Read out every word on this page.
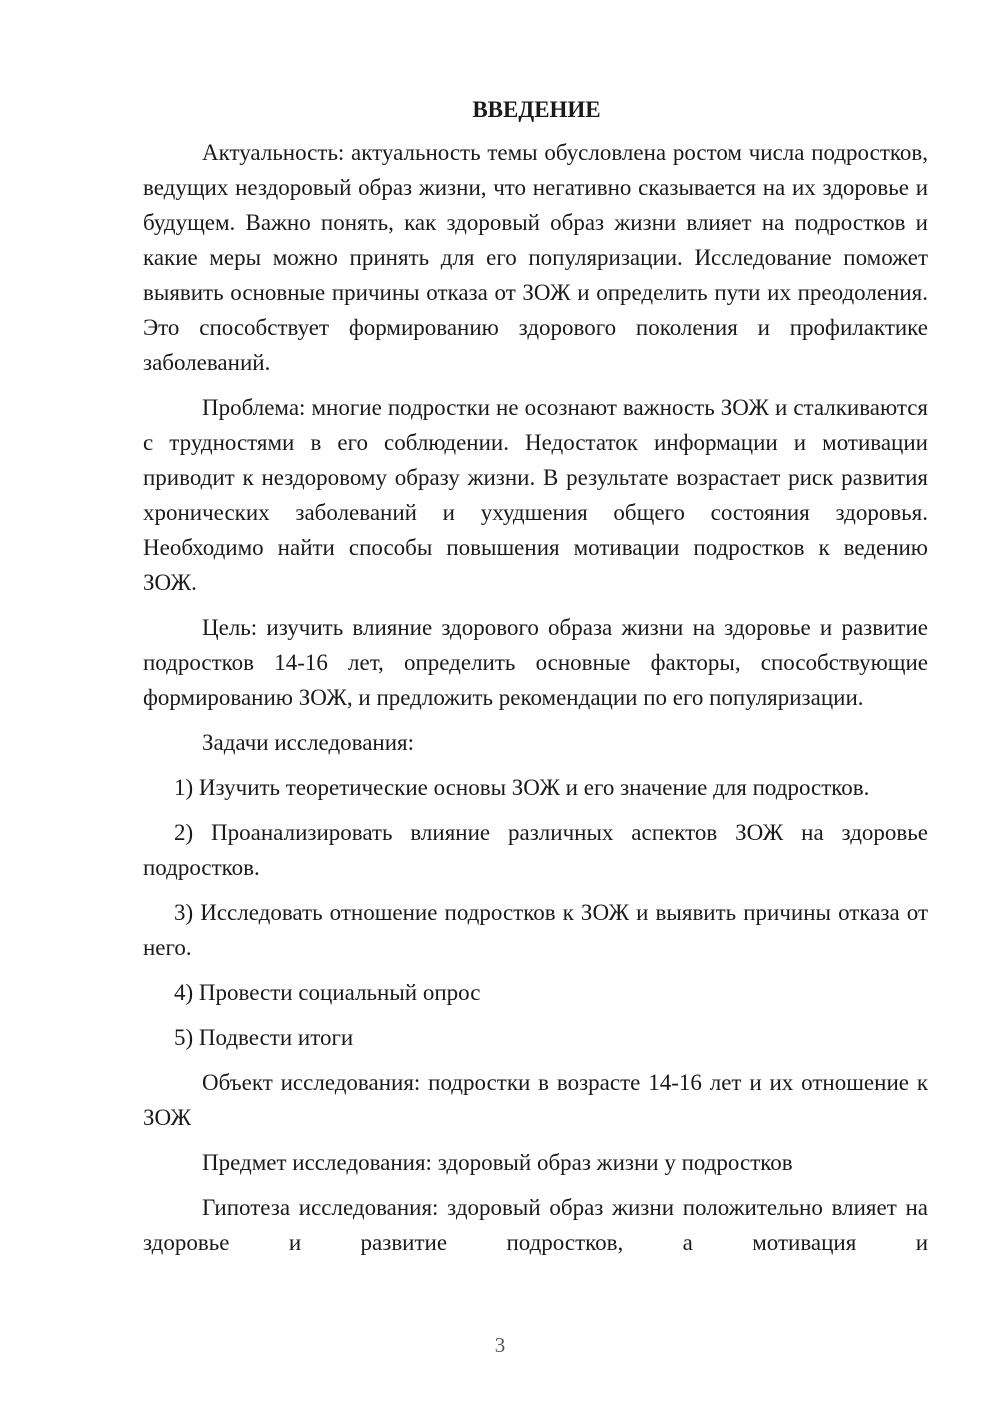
ВВЕДЕНИЕ

Актуальность: актуальность темы обусловлена ростом числа подростков, ведущих нездоровый образ жизни, что негативно сказывается на их здоровье и будущем. Важно понять, как здоровый образ жизни влияет на подростков и какие меры можно принять для его популяризации. Исследование поможет выявить основные причины отказа от ЗОЖ и определить пути их преодоления. Это способствует формированию здорового поколения и профилактике заболеваний.

Проблема: многие подростки не осознают важность ЗОЖ и сталкиваются с трудностями в его соблюдении. Недостаток информации и мотивации приводит к нездоровому образу жизни. В результате возрастает риск развития хронических заболеваний и ухудшения общего состояния здоровья. Необходимо найти способы повышения мотивации подростков к ведению ЗОЖ.

Цель: изучить влияние здорового образа жизни на здоровье и развитие подростков 14-16 лет, определить основные факторы, способствующие формированию ЗОЖ, и предложить рекомендации по его популяризации.

Задачи исследования:

1) Изучить теоретические основы ЗОЖ и его значение для подростков.

2) Проанализировать влияние различных аспектов ЗОЖ на здоровье подростков.

3) Исследовать отношение подростков к ЗОЖ и выявить причины отказа от него.

4) Провести социальный опрос

5) Подвести итоги

Объект исследования: подростки в возрасте 14-16 лет и их отношение к ЗОЖ

Предмет исследования: здоровый образ жизни у подростков

Гипотеза исследования: здоровый образ жизни положительно влияет на здоровье и развитие подростков, а мотивация и

3
